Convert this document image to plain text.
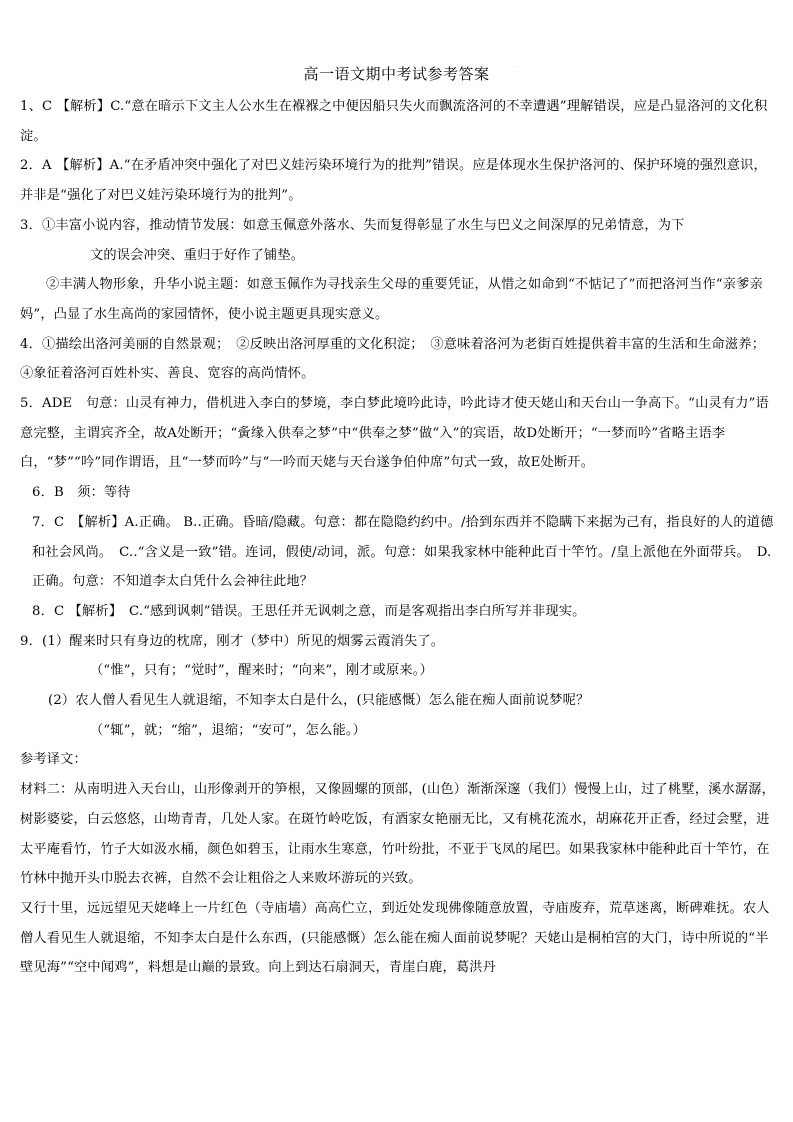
高一语文期中考试参考答案	·

1、C 【解析】C.“意在暗示下文主人公水生在褓褓之中便因船只失火而飘流洛河的不幸遭遇”理解错误，应是凸显洛河的文化积淀。

2．A 【解析】A.“在矛盾冲突中强化了对巴义娃污染环境行为的批判”错误。应是体现水生保护洛河的、保护环境的强烈意识，并非是“强化了对巴义娃污染环境行为的批判”。

3．①丰富小说内容，推动情节发展：如意玉佩意外落水、失而复得彰显了水生与巴义之间深厚的兄弟情意，为下

文的误会冲突、重归于好作了铺垫。

②丰满人物形象，升华小说主题：如意玉佩作为寻找亲生父母的重要凭证，从惜之如命到“不惦记了”而把洛河当作“亲爹亲妈”，凸显了水生高尚的家园情怀，使小说主题更具现实意义。

4．①描绘出洛河美丽的自然景观；　②反映出洛河厚重的文化积淀；　③意味着洛河为老街百姓提供着丰富的生活和生命滋养；　④象征着洛河百姓朴实、善良、宽容的高尚情怀。

5．ADE　句意：山灵有神力，借机进入李白的梦境，李白梦此境吟此诗，吟此诗才使天姥山和天台山一争高下。“山灵有力”语意完整，主谓宾齐全，故A处断开；“夤缘入供奉之梦”中“供奉之梦”做“入”的宾语，故D处断开；“一梦而吟”省略主语李白，“梦”“吟”同作谓语，且“一梦而吟”与“一吟而天姥与天台遂争伯仲席”句式一致，故E处断开。

6．B　须：等待

7．C　【解析】A.正确。 B..正确。昏暗/隐藏。句意：都在隐隐约约中。/拾到东西并不隐瞒下来据为己有，指良好的人的道德和社会风尚。　C..“含义是一致”错。连词，假使/动词，派。句意：如果我家林中能种此百十竿竹。/皇上派他在外面带兵。　D.正确。句意：不知道李太白凭什么会神往此地？

8．C 【解析】　C.“感到讽刺”错误。王思任并无讽刺之意，而是客观指出李白所写并非现实。

9．(1）醒来时只有身边的枕席，刚才（梦中）所见的烟雾云霞消失了。

（“惟”，只有；“觉时”，醒来时；“向来”，刚才或原来。）

(2）农人僧人看见生人就退缩，不知李太白是什么，(只能感慨）怎么能在痴人面前说梦呢？

（“辄”，就；“缩”，退缩；“安可”，怎么能。）

参考译文：

材料二：从南明进入天台山，山形像剥开的笋根，又像圆螺的顶部，(山色）渐渐深邃（我们）慢慢上山，过了桃墅，溪水潺潺，树影婆娑，白云悠悠，山坳青青，几处人家。在斑竹岭吃饭，有酒家女艳丽无比，又有桃花流水，胡麻花开正香，经过会墅，进太平庵看竹，竹子大如汲水桶，颜色如碧玉，让雨水生寒意，竹叶纷批，不亚于飞凤的尾巴。如果我家林中能种此百十竿竹，在竹林中抛开头巾脱去衣裤，自然不会让粗俗之人来败坏游玩的兴致。

又行十里，远远望见天姥峰上一片红色（寺庙墙）高高伫立，到近处发现佛像随意放置，寺庙废弃，荒草迷离，断碑难抚。农人僧人看见生人就退缩，不知李太白是什么东西，(只能感慨）怎么能在痴人面前说梦呢？天姥山是桐柏宫的大门，诗中所说的“半壁见海”“空中闻鸡”，料想是山巅的景致。向上到达石扇洞天，青崖白鹿，葛洪丹
